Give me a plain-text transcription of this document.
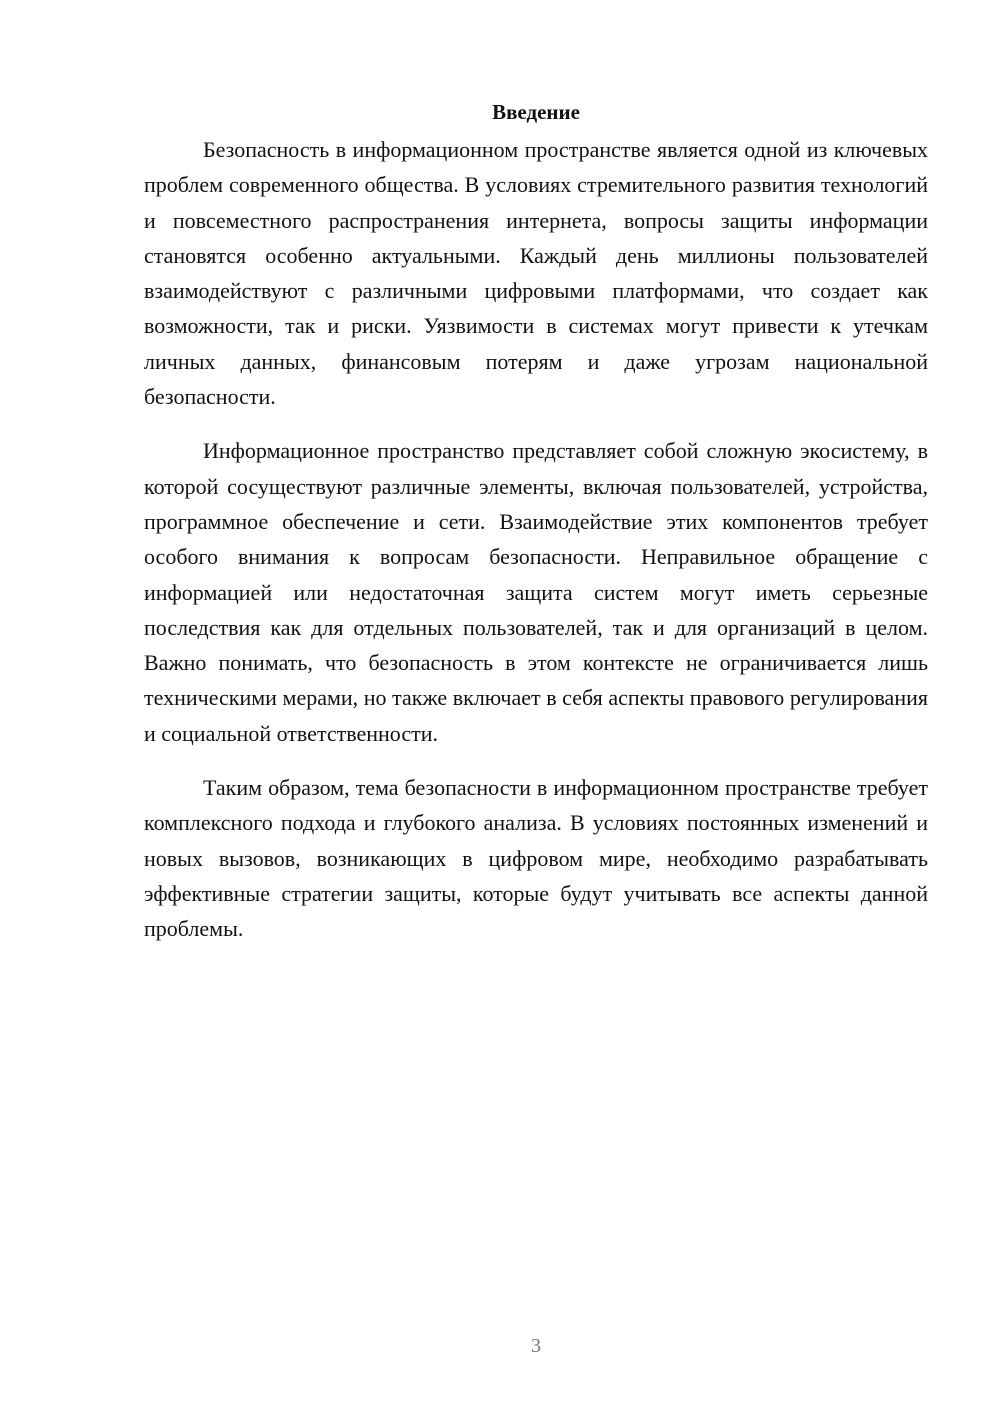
Введение

Безопасность в информационном пространстве является одной из ключевых проблем современного общества. В условиях стремительного развития технологий и повсеместного распространения интернета, вопросы защиты информации становятся особенно актуальными. Каждый день миллионы пользователей взаимодействуют с различными цифровыми платформами, что создает как возможности, так и риски. Уязвимости в системах могут привести к утечкам личных данных, финансовым потерям и даже угрозам национальной безопасности.

Информационное пространство представляет собой сложную экосистему, в которой сосуществуют различные элементы, включая пользователей, устройства, программное обеспечение и сети. Взаимодействие этих компонентов требует особого внимания к вопросам безопасности. Неправильное обращение с информацией или недостаточная защита систем могут иметь серьезные последствия как для отдельных пользователей, так и для организаций в целом. Важно понимать, что безопасность в этом контексте не ограничивается лишь техническими мерами, но также включает в себя аспекты правового регулирования и социальной ответственности.

Таким образом, тема безопасности в информационном пространстве требует комплексного подхода и глубокого анализа. В условиях постоянных изменений и новых вызовов, возникающих в цифровом мире, необходимо разрабатывать эффективные стратегии защиты, которые будут учитывать все аспекты данной проблемы.

3
